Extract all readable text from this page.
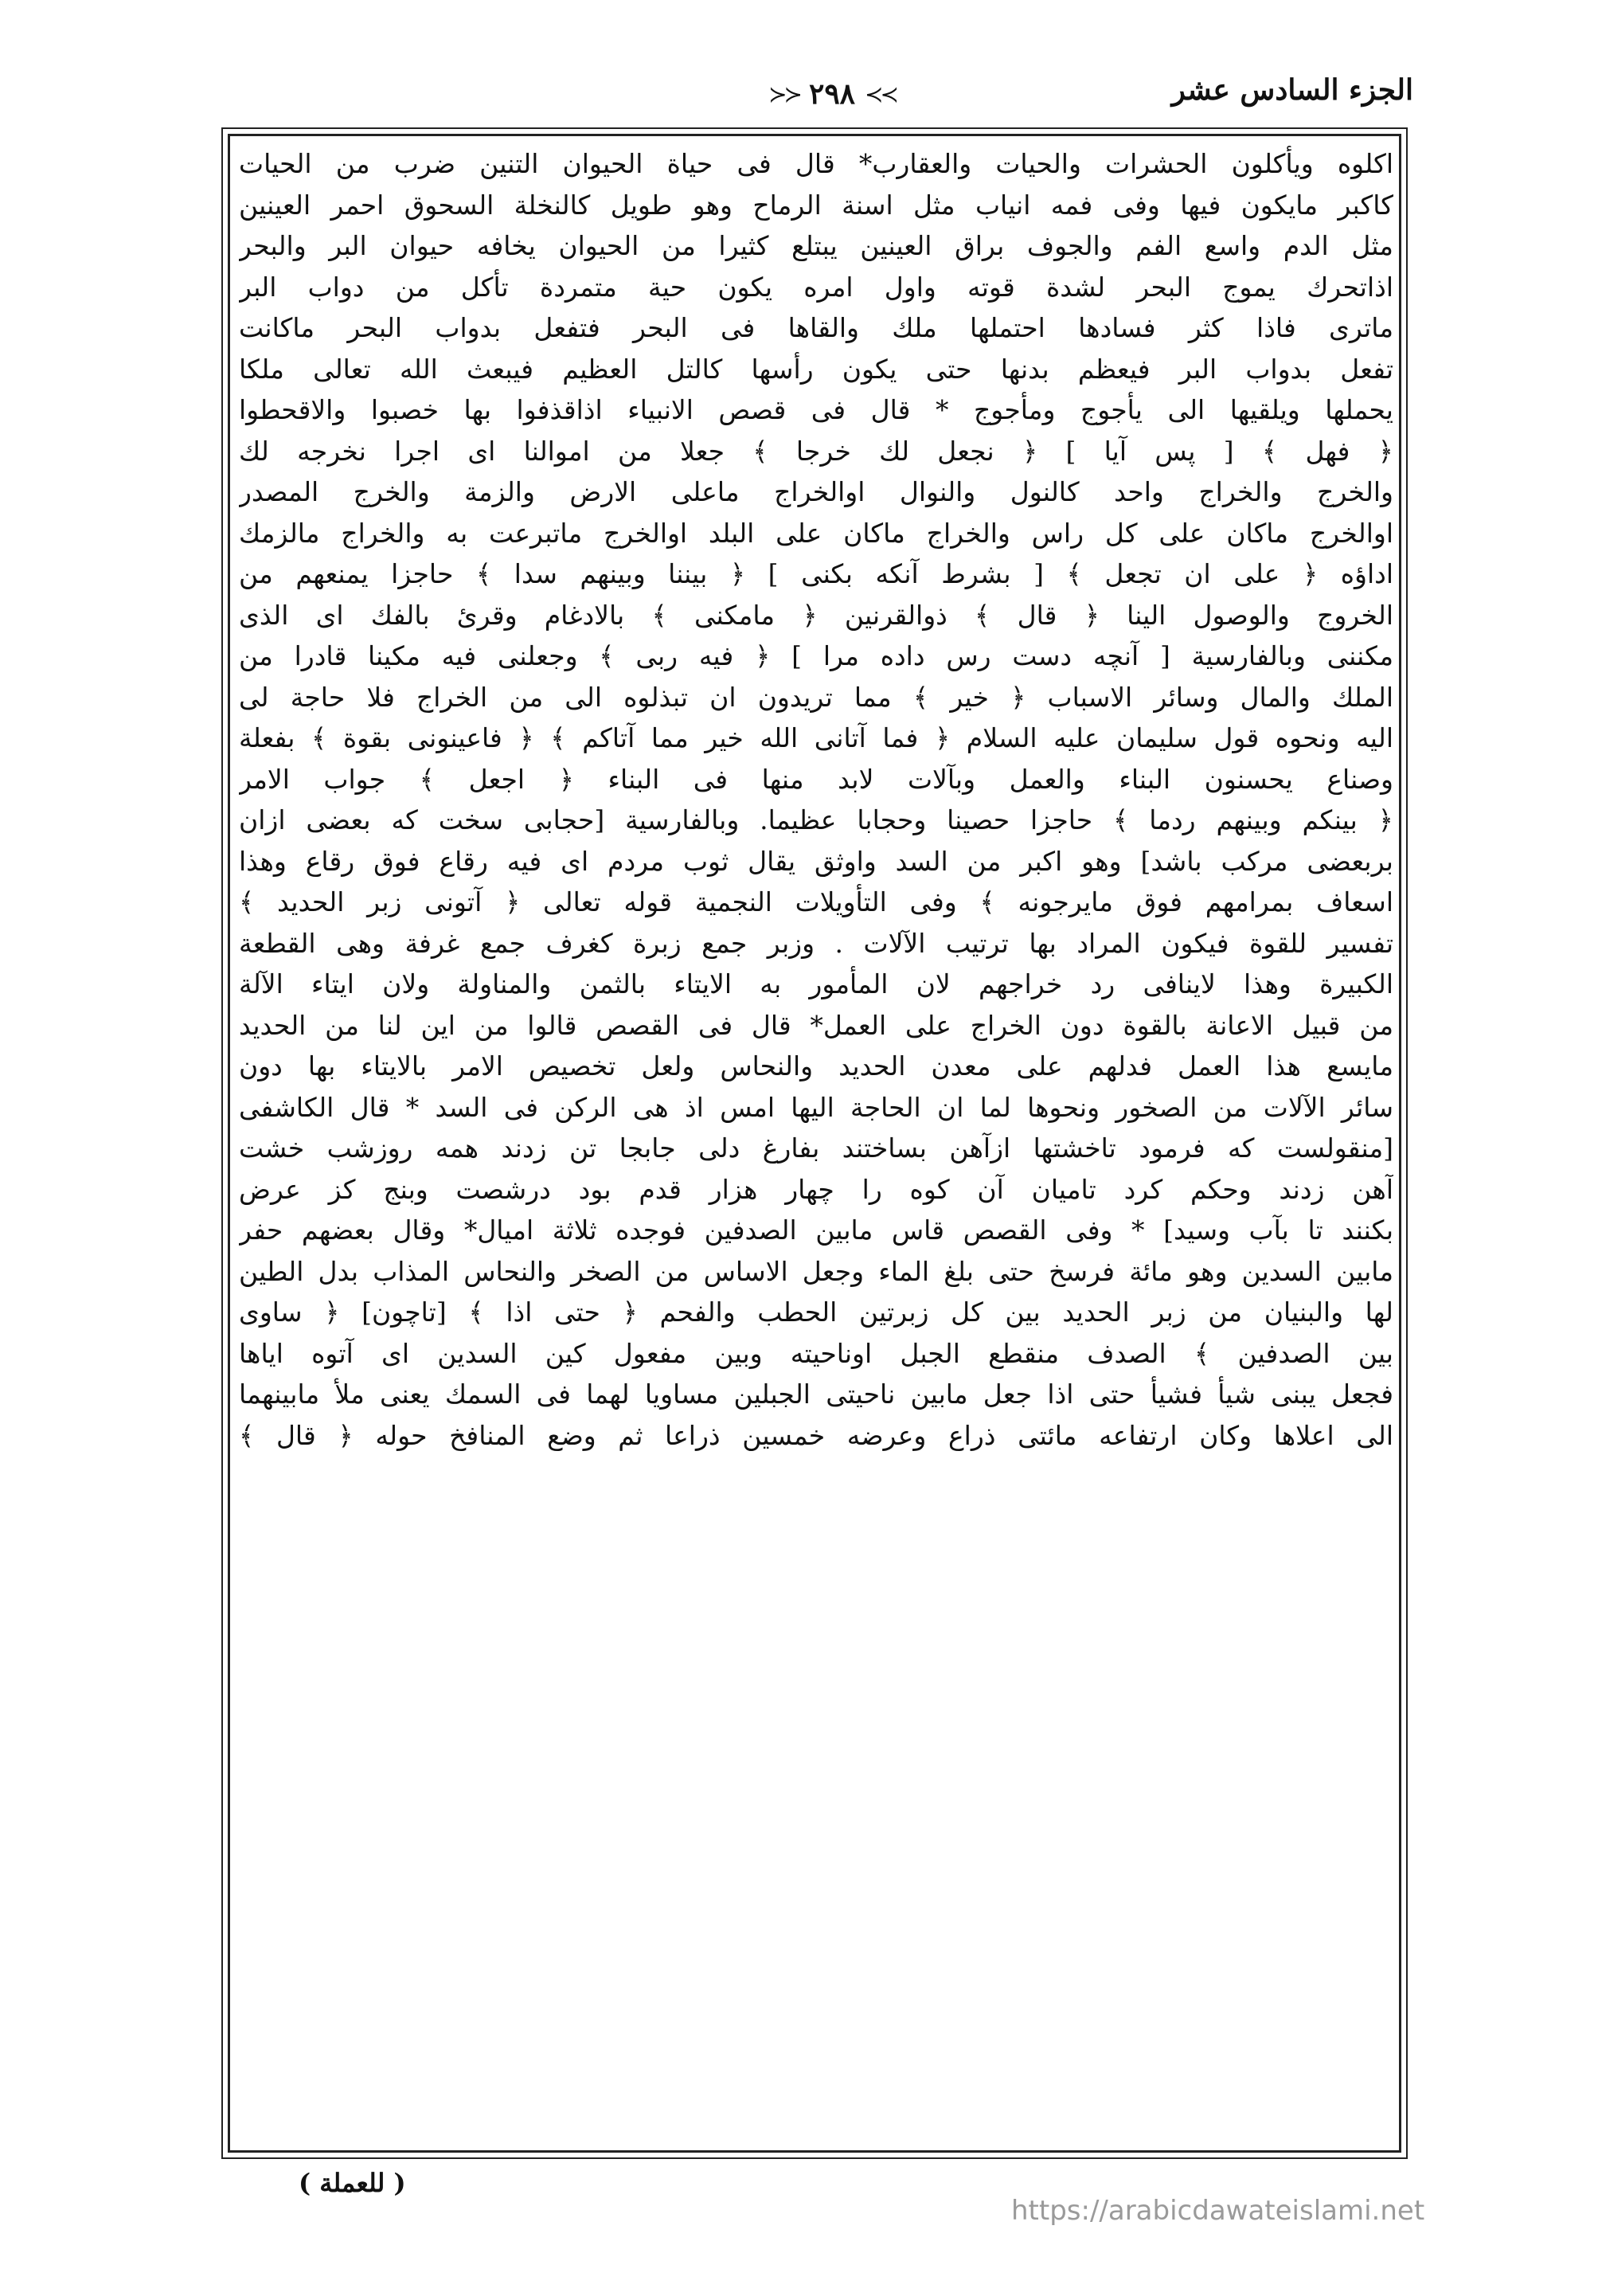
الجزء السادس عشر
≻≻ ٢٩٨ ≺≺
اكلوه ويأكلون الحشرات والحيات والعقارب* قال فى حياة الحيوان التنين ضرب من الحيات
كاكبر مايكون فيها وفى فمه انياب مثل اسنة الرماح وهو طويل كالنخلة السحوق احمر العينين
مثل الدم واسع الفم والجوف براق العينين يبتلع كثيرا من الحيوان يخافه حيوان البر والبحر
اذاتحرك يموج البحر لشدة قوته واول امره يكون حية متمردة تأكل من دواب البر
ماترى فاذا كثر فسادها احتملها ملك والقاها فى البحر فتفعل بدواب البحر ماكانت
تفعل بدواب البر فيعظم بدنها حتى يكون رأسها كالتل العظيم فيبعث الله تعالى ملكا
يحملها ويلقيها الى يأجوج ومأجوج * قال فى قصص الانبياء اذاقذفوا بها خصبوا والاقحطوا
﴿ فهل ﴾ [ پس آيا ] ﴿ نجعل لك خرجا ﴾ جعلا من اموالنا اى اجرا نخرجه لك
والخرج والخراج واحد كالنول والنوال اوالخراج ماعلى الارض والزمة والخرج المصدر
اوالخرج ماكان على كل راس والخراج ماكان على البلد اوالخرج ماتبرعت به والخراج مالزمك
اداؤه ﴿ على ان تجعل ﴾ [ بشرط آنكه بكنى ] ﴿ بيننا وبينهم سدا ﴾ حاجزا يمنعهم من
الخروج والوصول الينا ﴿ قال ﴾ ذوالقرنين ﴿ مامكنى ﴾ بالادغام وقرئ بالفك اى الذى
مكننى وبالفارسية [ آنچه دست رس داده مرا ] ﴿ فيه ربى ﴾ وجعلنى فيه مكينا قادرا من
الملك والمال وسائر الاسباب ﴿ خير ﴾ مما تريدون ان تبذلوه الى من الخراج فلا حاجة لى
اليه ونحوه قول سليمان عليه السلام ﴿ فما آتانى الله خير مما آتاكم ﴾ ﴿ فاعينونى بقوة ﴾ بفعلة
وصناع يحسنون البناء والعمل وبآلات لابد منها فى البناء ﴿ اجعل ﴾ جواب الامر
﴿ بينكم وبينهم ردما ﴾ حاجزا حصينا وحجابا عظيما. وبالفارسية [حجابى سخت كه بعضى ازان
بربعضى مركب باشد] وهو اكبر من السد واوثق يقال ثوب مردم اى فيه رقاع فوق رقاع وهذا
اسعاف بمرامهم فوق مايرجونه ﴾ وفى التأويلات النجمية قوله تعالى ﴿ آتونى زبر الحديد ﴾
تفسير للقوة فيكون المراد بها ترتيب الآلات . وزبر جمع زبرة كغرف جمع غرفة وهى القطعة
الكبيرة وهذا لاينافى رد خراجهم لان المأمور به الايتاء بالثمن والمناولة ولان ايتاء الآلة
من قبيل الاعانة بالقوة دون الخراج على العمل* قال فى القصص قالوا من اين لنا من الحديد
مايسع هذا العمل فدلهم على معدن الحديد والنحاس ولعل تخصيص الامر بالايتاء بها دون
سائر الآلات من الصخور ونحوها لما ان الحاجة اليها امس اذ هى الركن فى السد * قال الكاشفى
[منقولست كه فرمود تاخشتها ازآهن بساختند بفارغ دلى جابجا تن زدند همه روزشب خشت
آهن زدند وحكم كرد تاميان آن كوه را چهار هزار قدم بود درشصت وبنج كز عرض
بكنند تا بآب وسيد] * وفى القصص قاس مابين الصدفين فوجده ثلاثة اميال* وقال بعضهم حفر
مابين السدين وهو مائة فرسخ حتى بلغ الماء وجعل الاساس من الصخر والنحاس المذاب بدل الطين
لها والبنيان من زبر الحديد بين كل زبرتين الحطب والفحم ﴿ حتى اذا ﴾ [تاچون] ﴿ ساوى
بين الصدفين ﴾ الصدف منقطع الجبل اوناحيته وبين مفعول كين السدين اى آتوه اياها
فجعل يبنى شيأ فشيأ حتى اذا جعل مابين ناحيتى الجبلين مساويا لهما فى السمك يعنى ملأ مابينهما
الى اعلاها وكان ارتفاعه مائتى ذراع وعرضه خمسين ذراعا ثم وضع المنافخ حوله ﴿ قال ﴾
( للعملة )
https://arabicdawateislami.net
